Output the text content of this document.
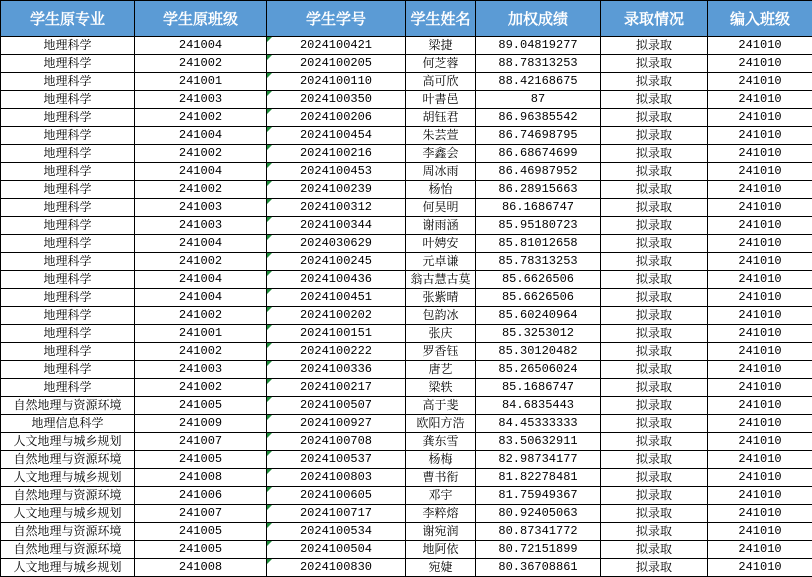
学生原专业	学生原班级	学生学号	学生姓名	加权成绩	录取情况	编入班级
地理科学	241004	2024100421	梁捷	89.04819277	拟录取	241010
地理科学	241002	2024100205	何芝蓉	88.78313253	拟录取	241010
地理科学	241001	2024100110	高可欣	88.42168675	拟录取	241010
地理科学	241003	2024100350	叶書邑	87	拟录取	241010
地理科学	241002	2024100206	胡钰君	86.96385542	拟录取	241010
地理科学	241004	2024100454	朱芸萱	86.74698795	拟录取	241010
地理科学	241002	2024100216	李鑫会	86.68674699	拟录取	241010
地理科学	241004	2024100453	周冰雨	86.46987952	拟录取	241010
地理科学	241002	2024100239	杨怡	86.28915663	拟录取	241010
地理科学	241003	2024100312	何昊明	86.1686747	拟录取	241010
地理科学	241003	2024100344	谢雨涵	85.95180723	拟录取	241010
地理科学	241004	2024030629	叶娉安	85.81012658	拟录取	241010
地理科学	241002	2024100245	元卓谦	85.78313253	拟录取	241010
地理科学	241004	2024100436	翁古慧古莫	85.6626506	拟录取	241010
地理科学	241004	2024100451	张紫晴	85.6626506	拟录取	241010
地理科学	241002	2024100202	包韵冰	85.60240964	拟录取	241010
地理科学	241001	2024100151	张庆	85.3253012	拟录取	241010
地理科学	241002	2024100222	罗香钰	85.30120482	拟录取	241010
地理科学	241003	2024100336	唐艺	85.26506024	拟录取	241010
地理科学	241002	2024100217	梁轶	85.1686747	拟录取	241010
自然地理与资源环境	241005	2024100507	高于斐	84.6835443	拟录取	241010
地理信息科学	241009	2024100927	欧阳方浩	84.45333333	拟录取	241010
人文地理与城乡规划	241007	2024100708	龚东雪	83.50632911	拟录取	241010
自然地理与资源环境	241005	2024100537	杨梅	82.98734177	拟录取	241010
人文地理与城乡规划	241008	2024100803	曹书衔	81.82278481	拟录取	241010
自然地理与资源环境	241006	2024100605	邓宇	81.75949367	拟录取	241010
人文地理与城乡规划	241007	2024100717	李粹熔	80.92405063	拟录取	241010
自然地理与资源环境	241005	2024100534	谢宛润	80.87341772	拟录取	241010
自然地理与资源环境	241005	2024100504	地阿依	80.72151899	拟录取	241010
人文地理与城乡规划	241008	2024100830	宛婕	80.36708861	拟录取	241010
